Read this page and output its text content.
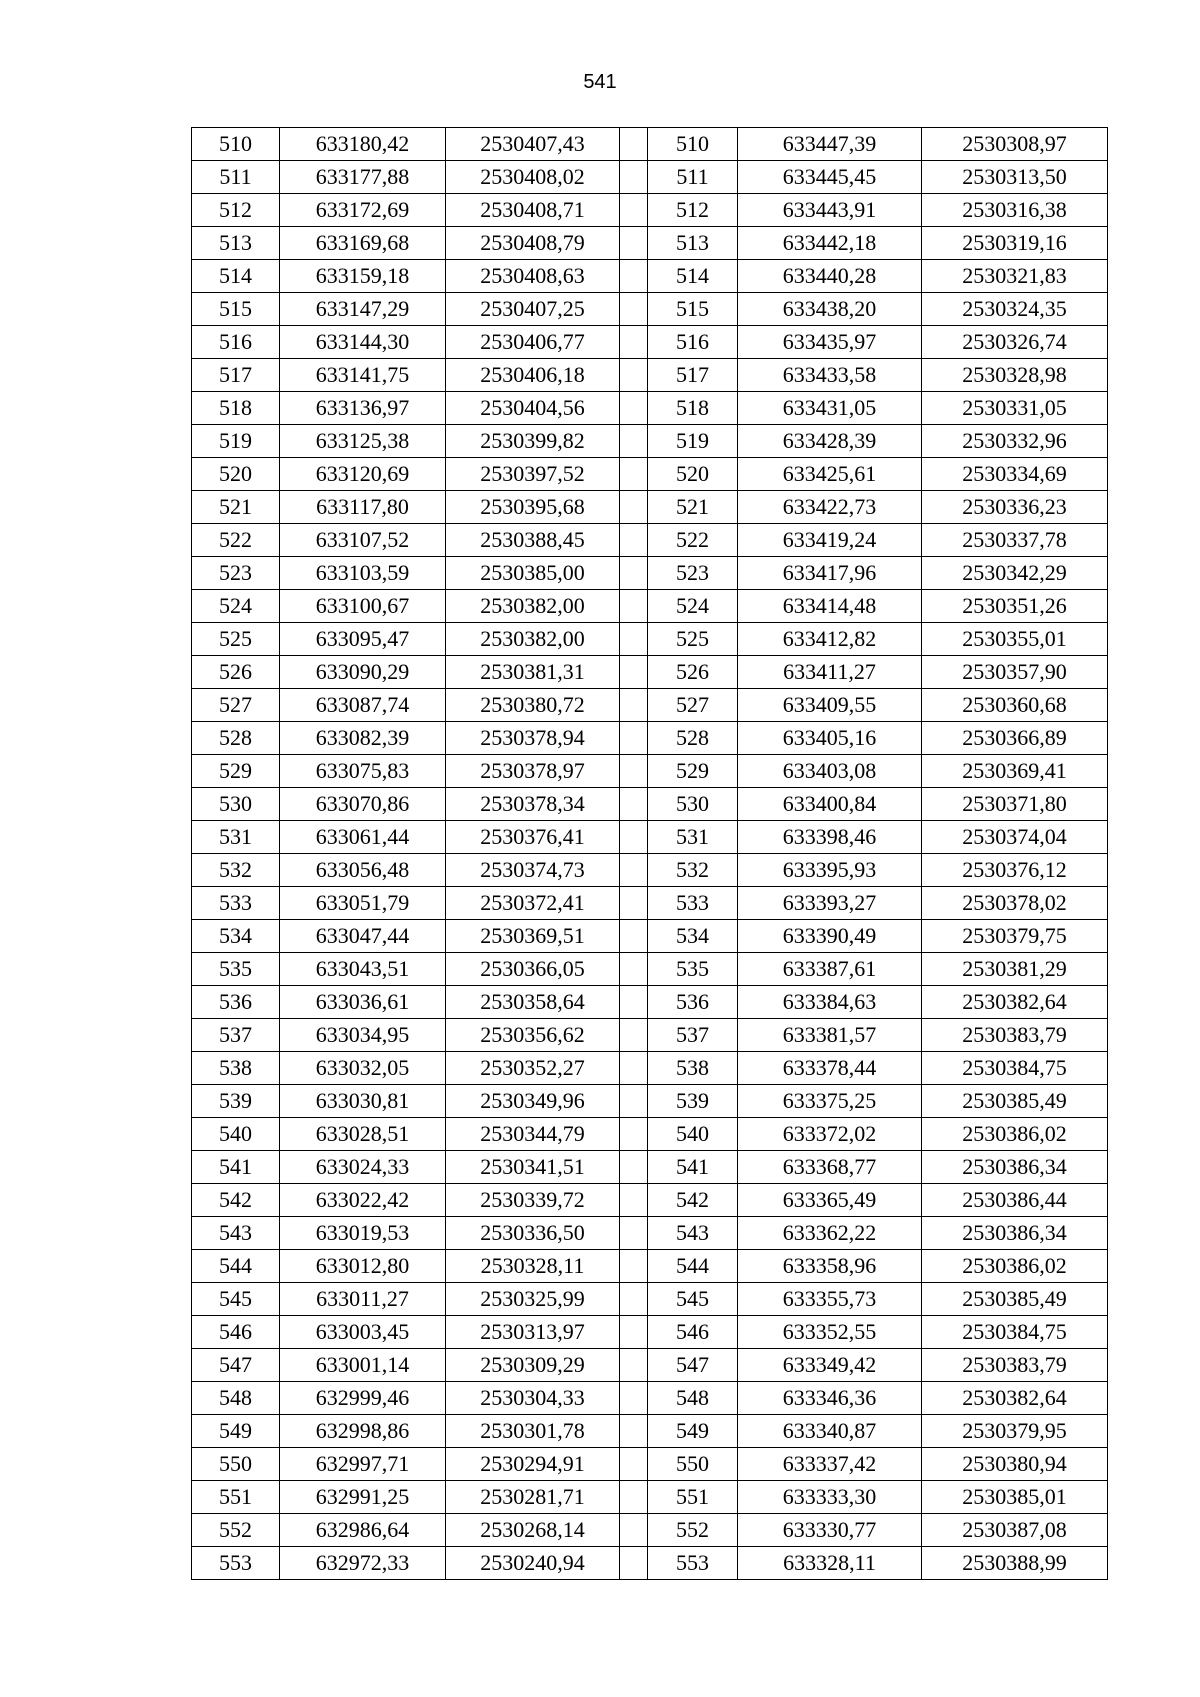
541
510	633180,42	2530407,43		510	633447,39	2530308,97
511	633177,88	2530408,02		511	633445,45	2530313,50
512	633172,69	2530408,71		512	633443,91	2530316,38
513	633169,68	2530408,79		513	633442,18	2530319,16
514	633159,18	2530408,63		514	633440,28	2530321,83
515	633147,29	2530407,25		515	633438,20	2530324,35
516	633144,30	2530406,77		516	633435,97	2530326,74
517	633141,75	2530406,18		517	633433,58	2530328,98
518	633136,97	2530404,56		518	633431,05	2530331,05
519	633125,38	2530399,82		519	633428,39	2530332,96
520	633120,69	2530397,52		520	633425,61	2530334,69
521	633117,80	2530395,68		521	633422,73	2530336,23
522	633107,52	2530388,45		522	633419,24	2530337,78
523	633103,59	2530385,00		523	633417,96	2530342,29
524	633100,67	2530382,00		524	633414,48	2530351,26
525	633095,47	2530382,00		525	633412,82	2530355,01
526	633090,29	2530381,31		526	633411,27	2530357,90
527	633087,74	2530380,72		527	633409,55	2530360,68
528	633082,39	2530378,94		528	633405,16	2530366,89
529	633075,83	2530378,97		529	633403,08	2530369,41
530	633070,86	2530378,34		530	633400,84	2530371,80
531	633061,44	2530376,41		531	633398,46	2530374,04
532	633056,48	2530374,73		532	633395,93	2530376,12
533	633051,79	2530372,41		533	633393,27	2530378,02
534	633047,44	2530369,51		534	633390,49	2530379,75
535	633043,51	2530366,05		535	633387,61	2530381,29
536	633036,61	2530358,64		536	633384,63	2530382,64
537	633034,95	2530356,62		537	633381,57	2530383,79
538	633032,05	2530352,27		538	633378,44	2530384,75
539	633030,81	2530349,96		539	633375,25	2530385,49
540	633028,51	2530344,79		540	633372,02	2530386,02
541	633024,33	2530341,51		541	633368,77	2530386,34
542	633022,42	2530339,72		542	633365,49	2530386,44
543	633019,53	2530336,50		543	633362,22	2530386,34
544	633012,80	2530328,11		544	633358,96	2530386,02
545	633011,27	2530325,99		545	633355,73	2530385,49
546	633003,45	2530313,97		546	633352,55	2530384,75
547	633001,14	2530309,29		547	633349,42	2530383,79
548	632999,46	2530304,33		548	633346,36	2530382,64
549	632998,86	2530301,78		549	633340,87	2530379,95
550	632997,71	2530294,91		550	633337,42	2530380,94
551	632991,25	2530281,71		551	633333,30	2530385,01
552	632986,64	2530268,14		552	633330,77	2530387,08
553	632972,33	2530240,94		553	633328,11	2530388,99
